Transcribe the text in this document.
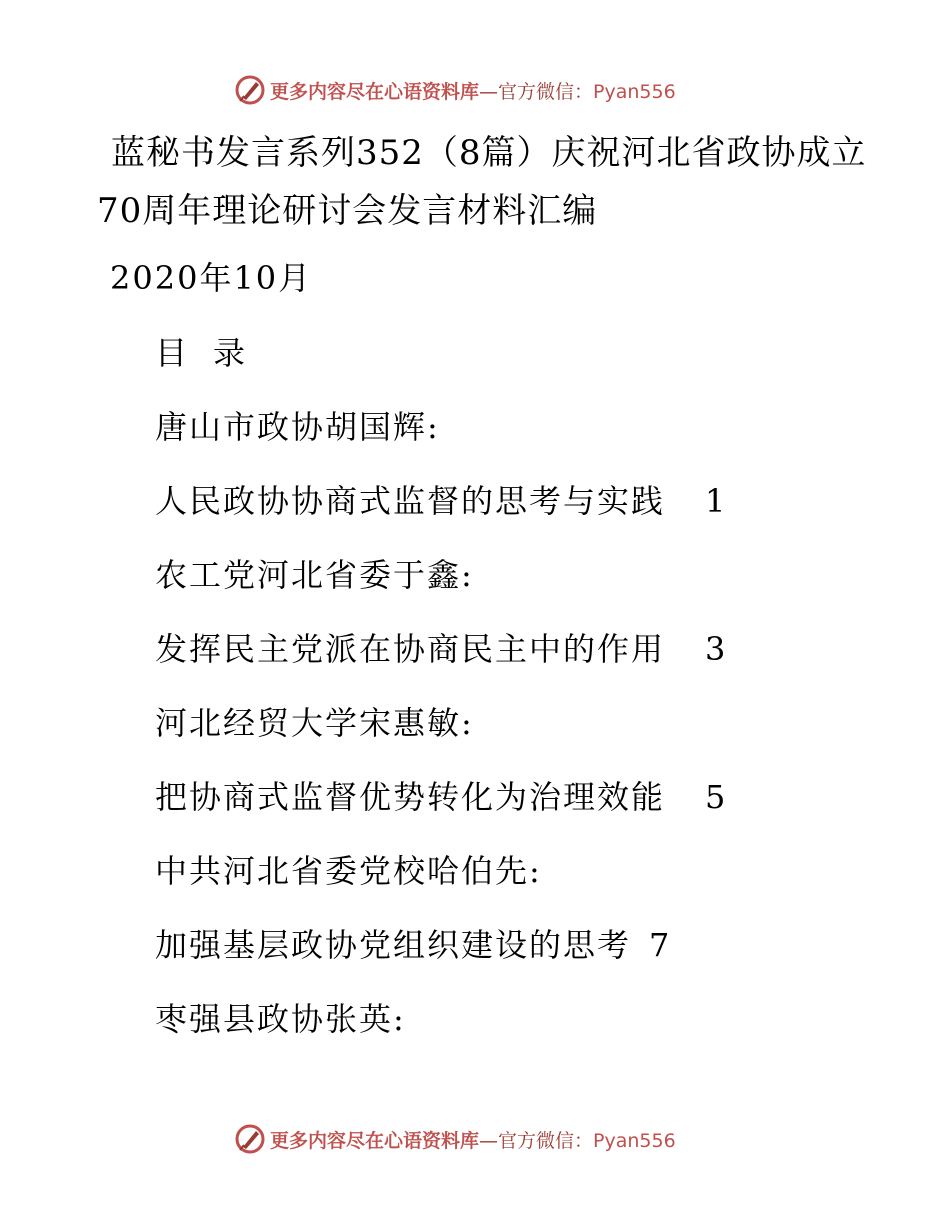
更多内容尽在心语资料库—官方微信：Pyan556
蓝秘书发言系列352（8篇）庆祝河北省政协成立
70周年理论研讨会发言材料汇编
2020年10月
目 录
唐山市政协胡国辉:
人民政协协商式监督的思考与实践 1
农工党河北省委于鑫:
发挥民主党派在协商民主中的作用 3
河北经贸大学宋惠敏:
把协商式监督优势转化为治理效能 5
中共河北省委党校哈伯先:
加强基层政协党组织建设的思考 7
枣强县政协张英:
更多内容尽在心语资料库—官方微信：Pyan556
